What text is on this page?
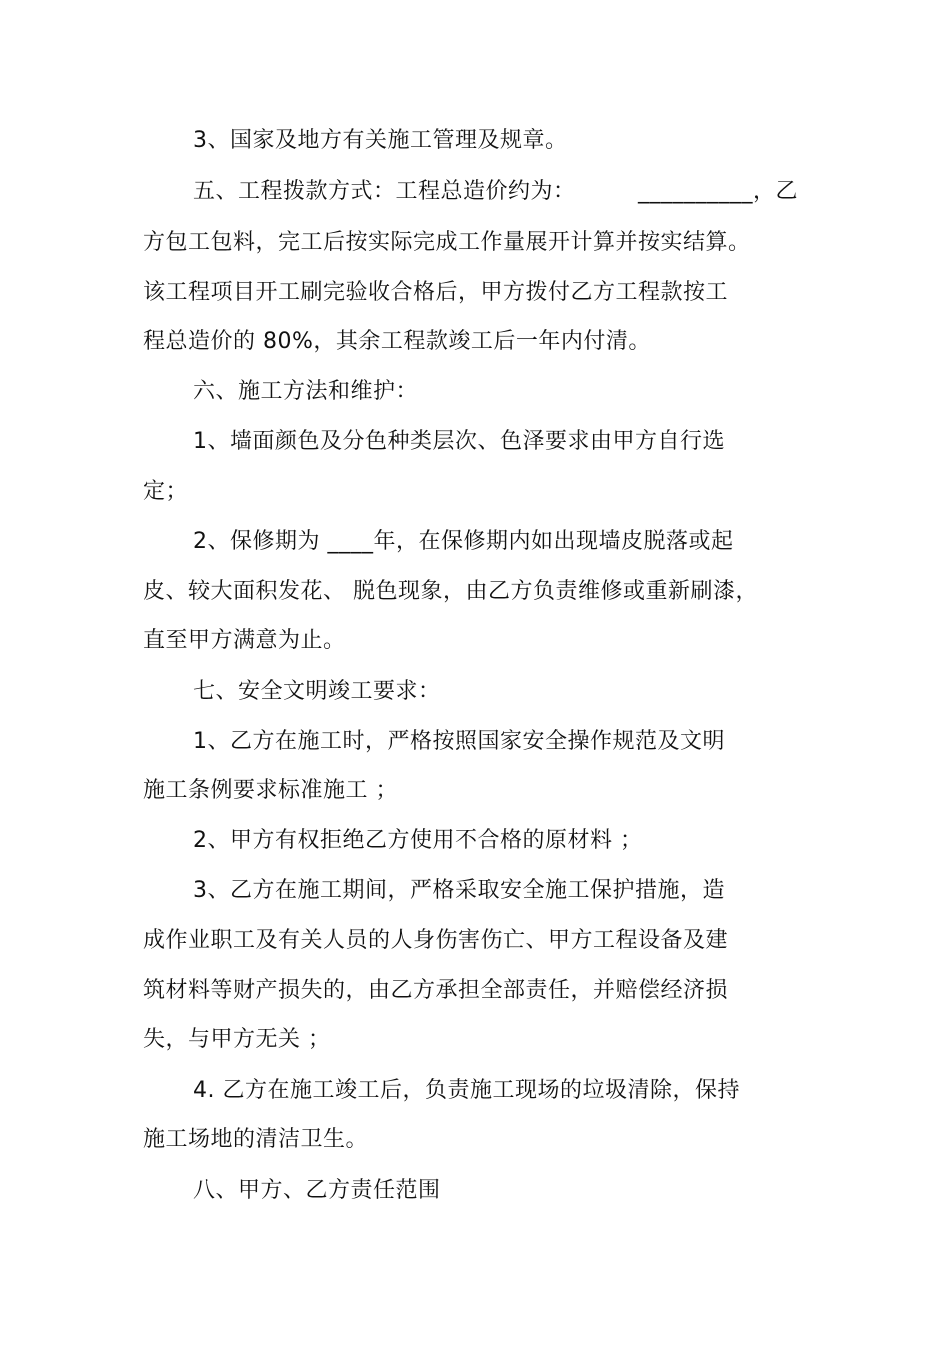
3、国家及地方有关施工管理及规章。
五、工程拨款方式：工程总造价约为：	__________，乙
方包工包料，完工后按实际完成工作量展开计算并按实结算。
该工程项目开工刷完验收合格后，甲方拨付乙方工程款按工
程总造价的 80%，其余工程款竣工后一年内付清。
六、施工方法和维护：
1、墙面颜色及分色种类层次、色泽要求由甲方自行选
定；
2、保修期为 ____年，在保修期内如出现墙皮脱落或起
皮、较大面积发花、 脱色现象，由乙方负责维修或重新刷漆，
直至甲方满意为止。
七、安全文明竣工要求：
1、乙方在施工时，严格按照国家安全操作规范及文明
施工条例要求标准施工 ；
2、甲方有权拒绝乙方使用不合格的原材料 ；
3、乙方在施工期间，严格采取安全施工保护措施，造
成作业职工及有关人员的人身伤害伤亡、甲方工程设备及建
筑材料等财产损失的，由乙方承担全部责任，并赔偿经济损
失，与甲方无关 ；
4. 乙方在施工竣工后，负责施工现场的垃圾清除，保持
施工场地的清洁卫生。
八、甲方、乙方责任范围
